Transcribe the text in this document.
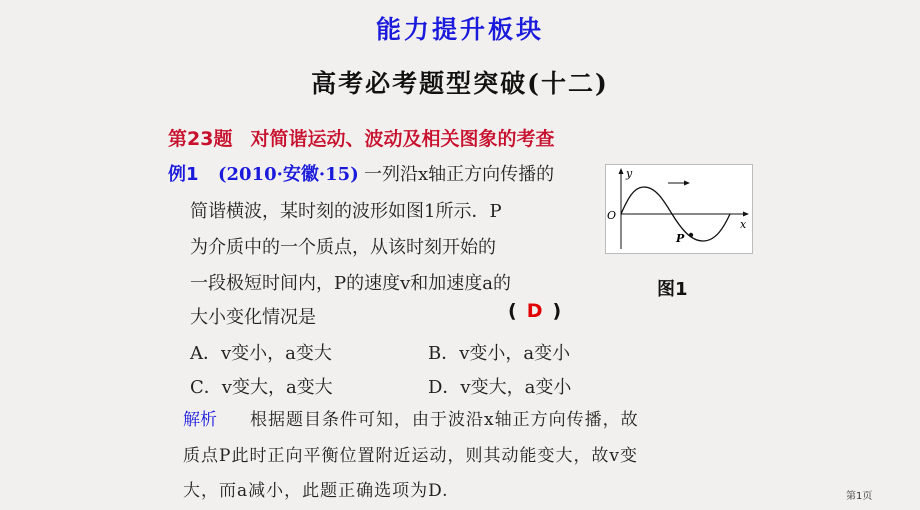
能力提升板块
高考必考题型突破(十二)
第23题 对简谐运动、波动及相关图象的考查
例1 (2010·安徽·15) 一列沿x轴正方向传播的
简谐横波，某时刻的波形如图1所示．P
为介质中的一个质点，从该时刻开始的
一段极短时间内，P的速度v和加速度a的
大小变化情况是	( D )
A．v变小，a变大	B．v变小，a变小
C．v变大，a变大	D．v变大，a变小
y
x
O
P
图1
解析 根据题目条件可知，由于波沿x轴正方向传播，故
质点P此时正向平衡位置附近运动，则其动能变大，故v变
大，而a减小，此题正确选项为D.	第1页
